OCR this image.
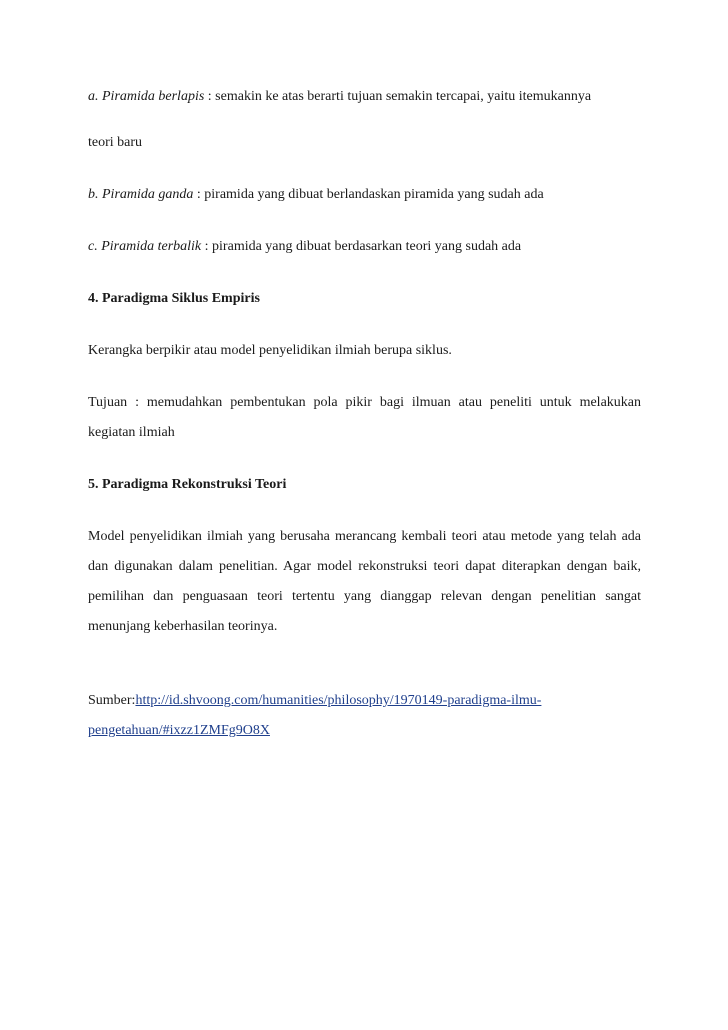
a. Piramida berlapis : semakin ke atas berarti tujuan semakin tercapai, yaitu itemukannya

teori baru

b. Piramida ganda : piramida yang dibuat berlandaskan piramida yang sudah ada

c. Piramida terbalik : piramida yang dibuat berdasarkan teori yang sudah ada

4. Paradigma Siklus Empiris

Kerangka berpikir atau model penyelidikan ilmiah berupa siklus.

Tujuan : memudahkan pembentukan pola pikir bagi ilmuan atau peneliti untuk melakukan kegiatan ilmiah

5. Paradigma Rekonstruksi Teori

Model penyelidikan ilmiah yang berusaha merancang kembali teori atau metode yang telah ada dan digunakan dalam penelitian. Agar model rekonstruksi teori dapat diterapkan dengan baik, pemilihan dan penguasaan teori tertentu yang dianggap relevan dengan penelitian sangat menunjang keberhasilan teorinya.

Sumber:http://id.shvoong.com/humanities/philosophy/1970149-paradigma-ilmu-
pengetahuan/#ixzz1ZMFg9O8X
